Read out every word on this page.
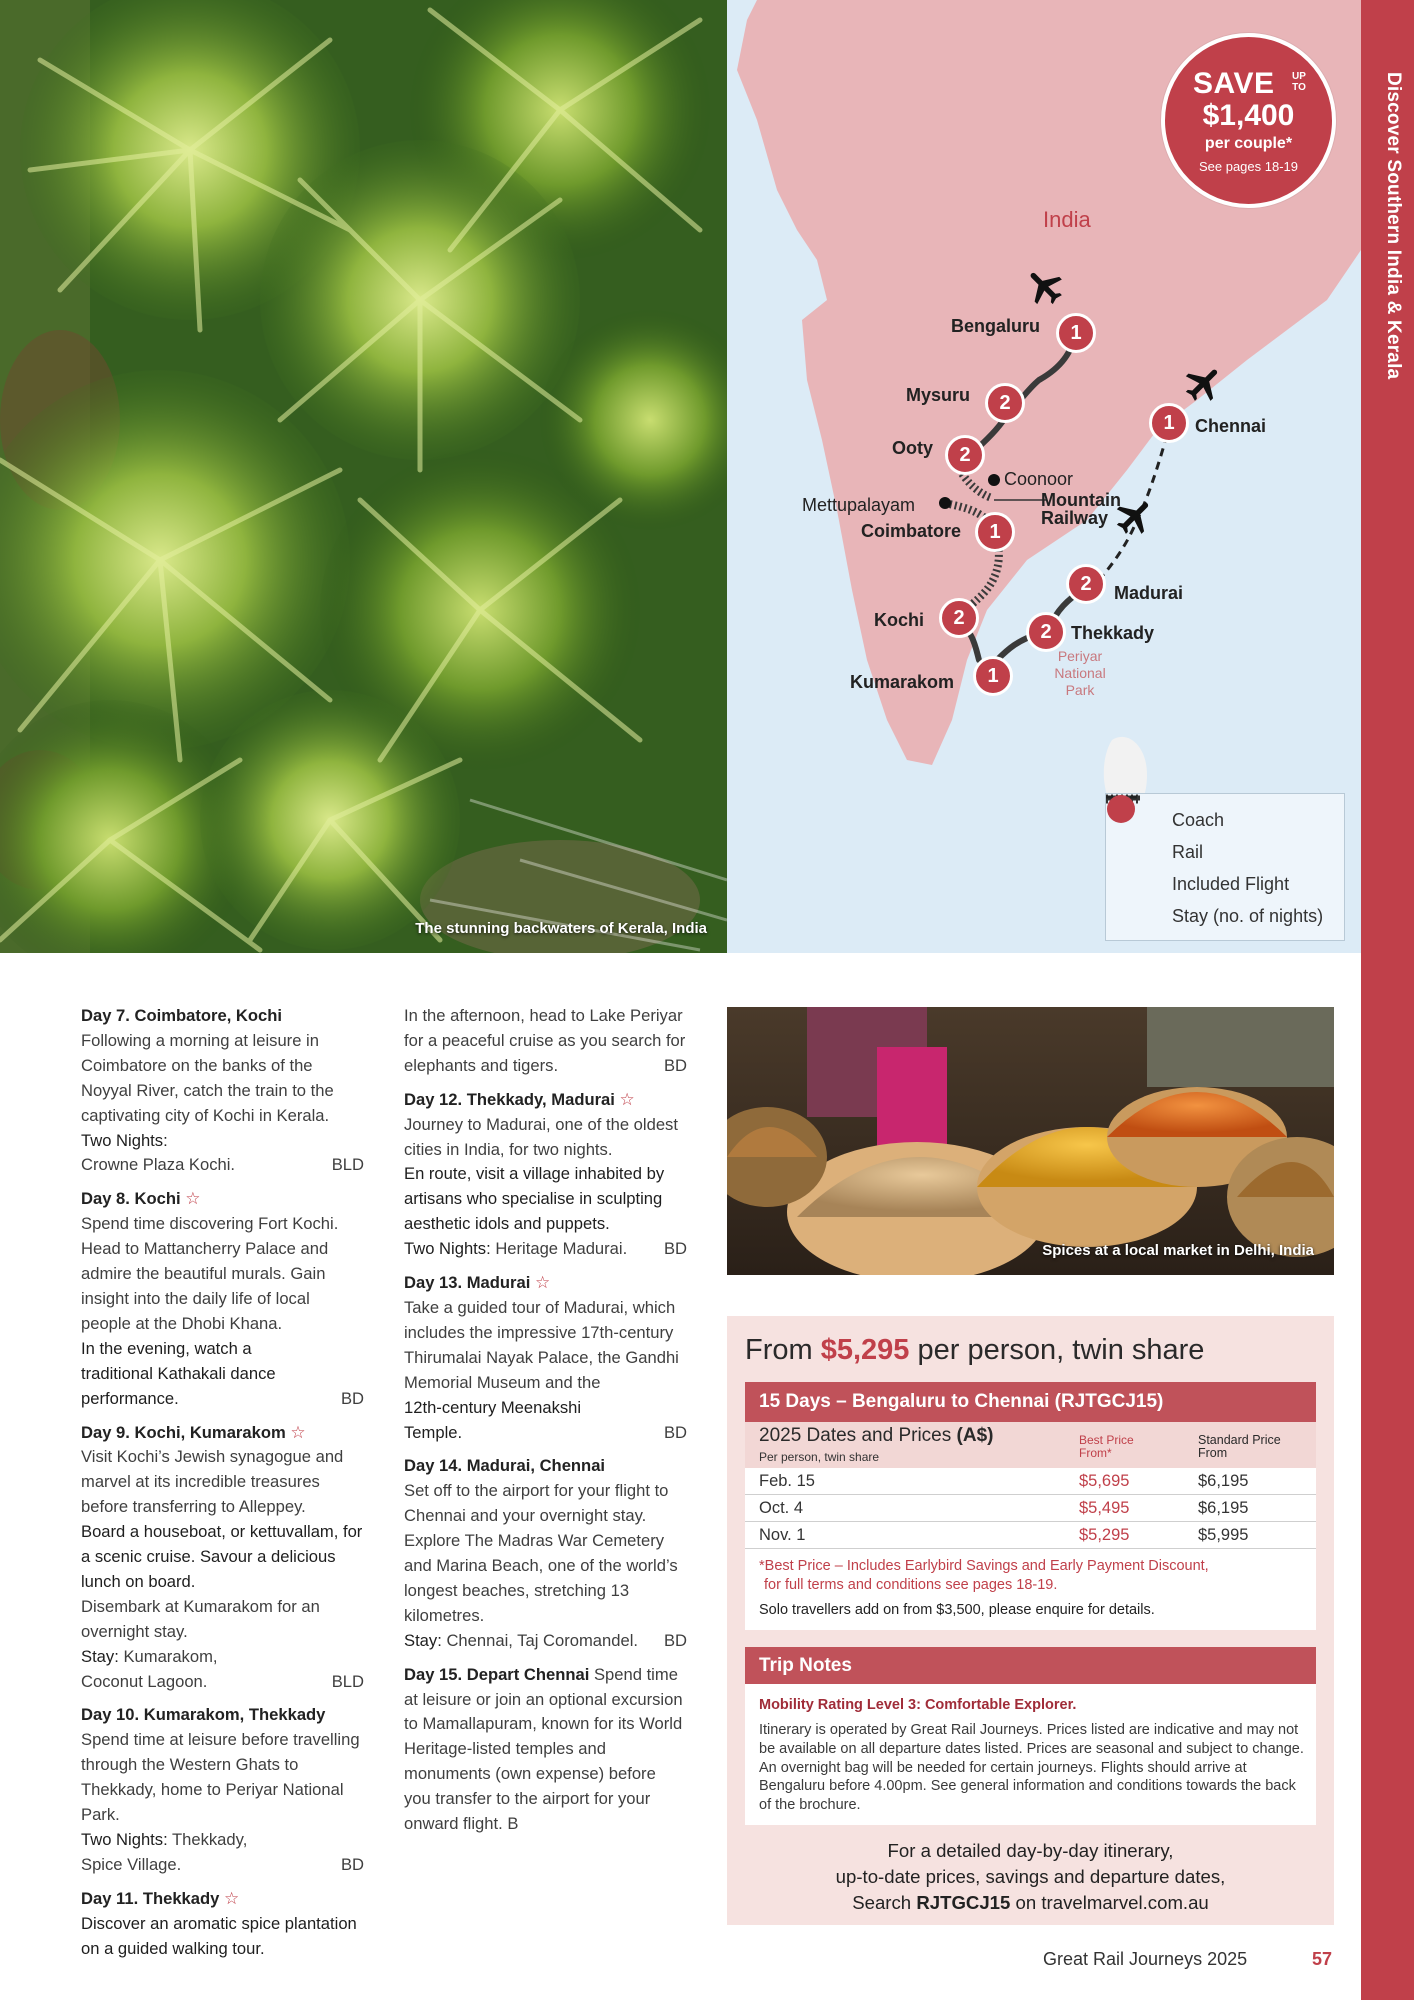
Discover Southern India & Kerala
The stunning backwaters of Kerala, India
India
Bengaluru
Mysuru
Ooty
Coonoor
Mettupalayam	Mountain Railway
Coimbatore
Kochi
Kumarakom
Thekkady
Madurai
Chennai
Periyar
National
Park
1
2
2
1
2
1
2
2
1
SAVE	UP TO
$1,400
per couple*
See pages 18-19
Coach
Rail
Included Flight
Stay (no. of nights)
Day 7. Coimbatore, Kochi
Following a morning at leisure in Coimbatore on the banks of the Noyyal River, catch the train to the captivating city of Kochi in Kerala.
Two Nights:
Crowne Plaza Kochi.	BLD
Day 8. Kochi ☆
Spend time discovering Fort Kochi. Head to Mattancherry Palace and admire the beautiful murals. Gain insight into the daily life of local people at the Dhobi Khana.
In the evening, watch a traditional Kathakali dance performance.	BD
Day 9. Kochi, Kumarakom ☆
Visit Kochi’s Jewish synagogue and marvel at its incredible treasures before transferring to Alleppey.
Board a houseboat, or kettuvallam, for a scenic cruise. Savour a delicious lunch on board.
Disembark at Kumarakom for an overnight stay.
Stay: Kumarakom,
Coconut Lagoon.	BLD
Day 10. Kumarakom, Thekkady
Spend time at leisure before travelling through the Western Ghats to Thekkady, home to Periyar National Park.
Two Nights: Thekkady,
Spice Village.	BD
Day 11. Thekkady ☆
Discover an aromatic spice plantation on a guided walking tour.
In the afternoon, head to Lake Periyar for a peaceful cruise as you search for elephants and tigers.	BD
Day 12. Thekkady, Madurai ☆
Journey to Madurai, one of the oldest cities in India, for two nights.
En route, visit a village inhabited by artisans who specialise in sculpting aesthetic idols and puppets.
Two Nights: Heritage Madurai. BD
Day 13. Madurai ☆
Take a guided tour of Madurai, which includes the impressive 17th-century Thirumalai Nayak Palace, the Gandhi Memorial Museum and the
12th-century Meenakshi Temple.	BD
Day 14. Madurai, Chennai
Set off to the airport for your flight to Chennai and your overnight stay. Explore The Madras War Cemetery and Marina Beach, one of the world’s longest beaches, stretching 13 kilometres.
Stay: Chennai, Taj Coromandel. BD
Day 15. Depart Chennai Spend time at leisure or join an optional excursion to Mamallapuram, known for its World Heritage-listed temples and monuments (own expense) before you transfer to the airport for your onward flight. B
Spices at a local market in Delhi, India
From $5,295 per person, twin share
15 Days – Bengaluru to Chennai (RJTGCJ15)
2025 Dates and Prices (A$)
Per person, twin share
Best Price
From*
Standard Price
From
Feb. 15	$5,695	$6,195
Oct. 4	$5,495	$6,195
Nov. 1	$5,295	$5,995
*Best Price – Includes Earlybird Savings and Early Payment Discount,
for full terms and conditions see pages 18-19.
Solo travellers add on from $3,500, please enquire for details.
Trip Notes
Mobility Rating Level 3: Comfortable Explorer.
Itinerary is operated by Great Rail Journeys. Prices listed are indicative and may not be available on all departure dates listed. Prices are seasonal and subject to change. An overnight bag will be needed for certain journeys. Flights should arrive at Bengaluru before 4.00pm. See general information and conditions towards the back of the brochure.
For a detailed day-by-day itinerary,
up-to-date prices, savings and departure dates,
Search RJTGCJ15 on travelmarvel.com.au
Great Rail Journeys 2025	57
